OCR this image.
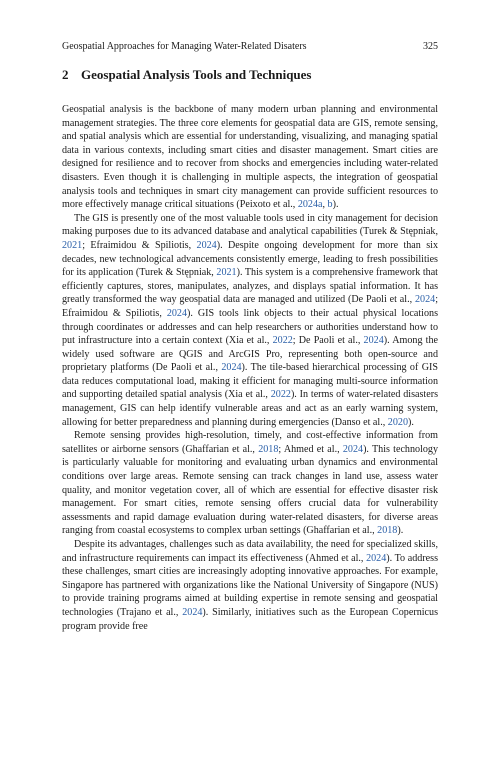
Geospatial Approaches for Managing Water-Related Disaters	325
2 Geospatial Analysis Tools and Techniques

Geospatial analysis is the backbone of many modern urban planning and environmental management strategies. The three core elements for geospatial data are GIS, remote sensing, and spatial analysis which are essential for understanding, visualizing, and managing spatial data in various contexts, including smart cities and disaster management. Smart cities are designed for resilience and to recover from shocks and emergencies including water-related disasters. Even though it is challenging in multiple aspects, the integration of geospatial analysis tools and techniques in smart city management can provide sufficient resources to more effectively manage critical situations (Peixoto et al., 2024a, b).

The GIS is presently one of the most valuable tools used in city management for decision making purposes due to its advanced database and analytical capabilities (Turek & Stępniak, 2021; Efraimidou & Spiliotis, 2024). Despite ongoing development for more than six decades, new technological advancements consistently emerge, leading to fresh possibilities for its application (Turek & Stępniak, 2021). This system is a comprehensive framework that efficiently captures, stores, manipulates, analyzes, and displays spatial information. It has greatly transformed the way geospatial data are managed and utilized (De Paoli et al., 2024; Efraimidou & Spiliotis, 2024). GIS tools link objects to their actual physical locations through coordinates or addresses and can help researchers or authorities understand how to put infrastructure into a certain context (Xia et al., 2022; De Paoli et al., 2024). Among the widely used software are QGIS and ArcGIS Pro, representing both open-source and proprietary platforms (De Paoli et al., 2024). The tile-based hierarchical processing of GIS data reduces computational load, making it efficient for managing multi-source information and supporting detailed spatial analysis (Xia et al., 2022). In terms of water-related disasters management, GIS can help identify vulnerable areas and act as an early warning system, allowing for better preparedness and planning during emergencies (Danso et al., 2020).

Remote sensing provides high-resolution, timely, and cost-effective information from satellites or airborne sensors (Ghaffarian et al., 2018; Ahmed et al., 2024). This technology is particularly valuable for monitoring and evaluating urban dynamics and environmental conditions over large areas. Remote sensing can track changes in land use, assess water quality, and monitor vegetation cover, all of which are essential for effective disaster risk management. For smart cities, remote sensing offers crucial data for vulnerability assessments and rapid damage evaluation during water-related disasters, for diverse areas ranging from coastal ecosystems to complex urban settings (Ghaffarian et al., 2018).

Despite its advantages, challenges such as data availability, the need for specialized skills, and infrastructure requirements can impact its effectiveness (Ahmed et al., 2024). To address these challenges, smart cities are increasingly adopting innovative approaches. For example, Singapore has partnered with organizations like the National University of Singapore (NUS) to provide training programs aimed at building expertise in remote sensing and geospatial technologies (Trajano et al., 2024). Similarly, initiatives such as the European Copernicus program provide free
